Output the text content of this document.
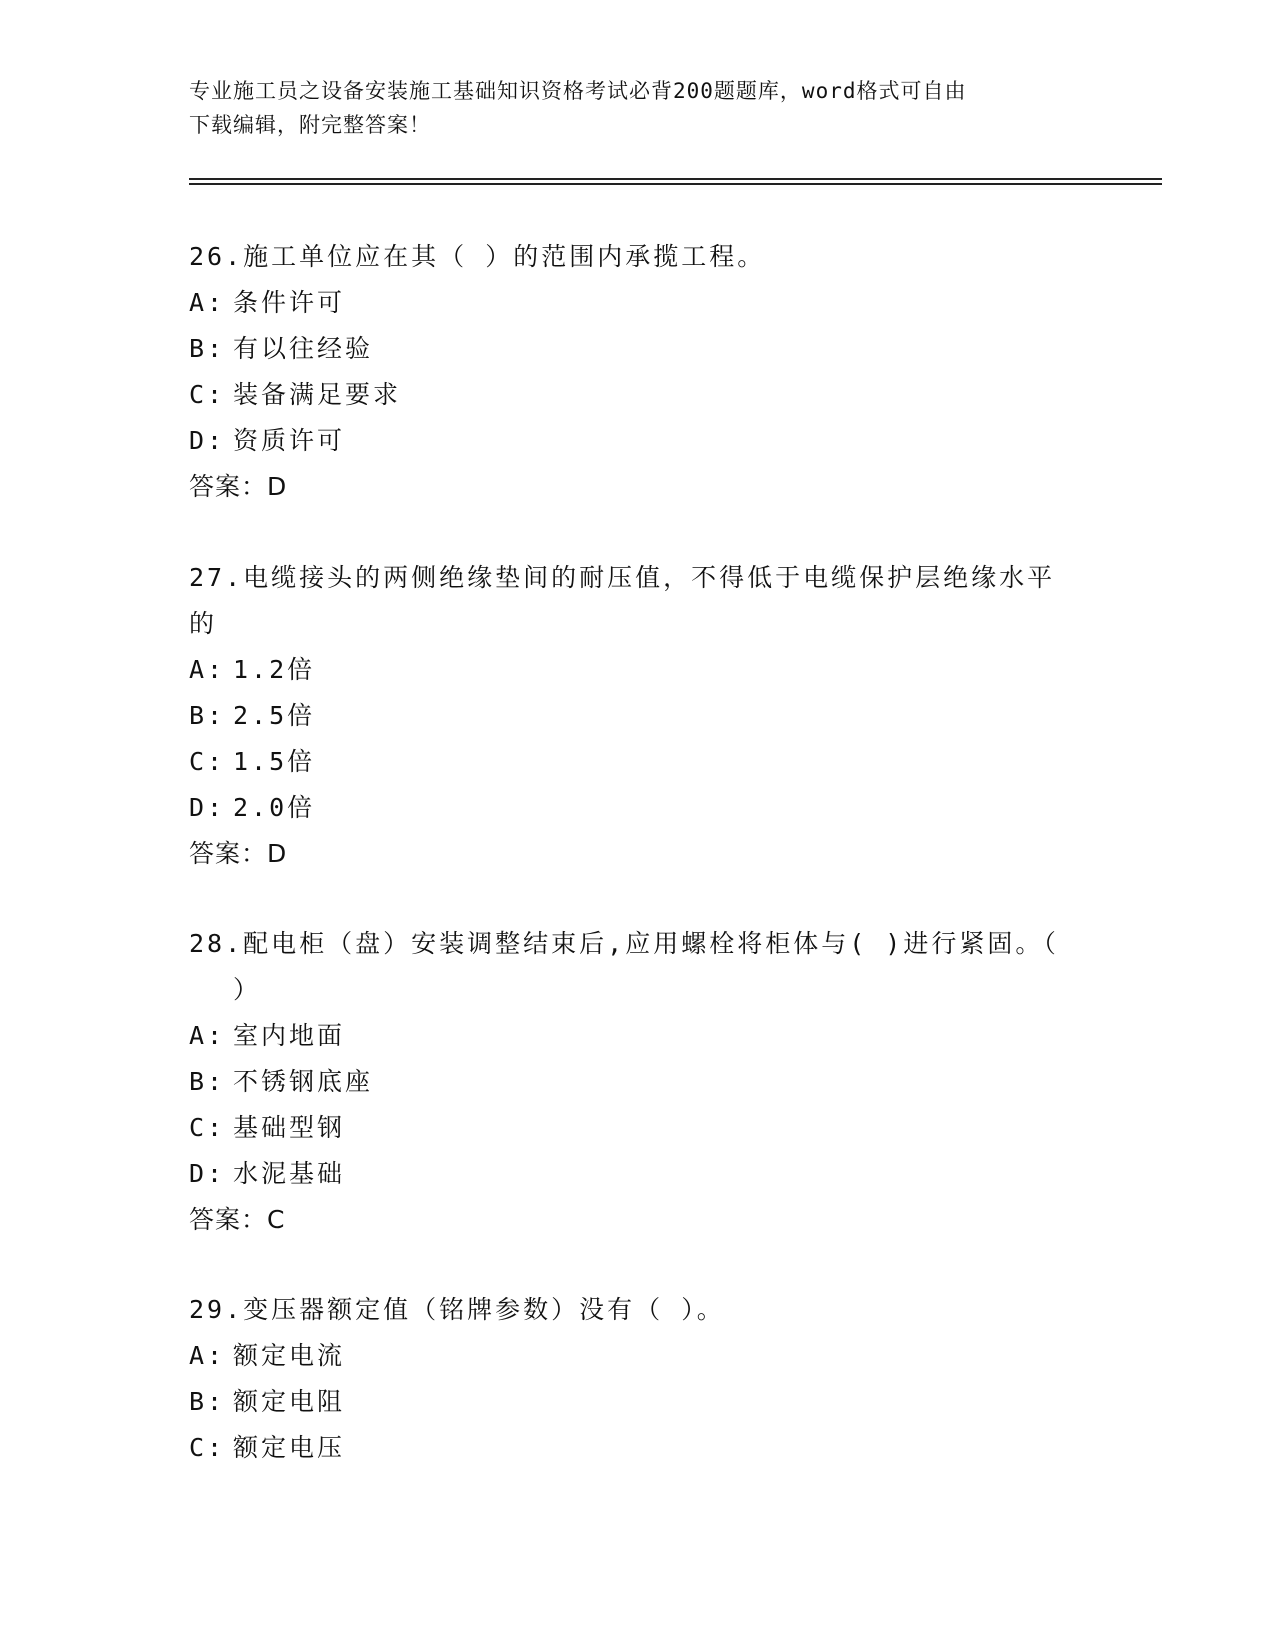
专业施工员之设备安装施工基础知识资格考试必背200题题库，word格式可自由
下载编辑，附完整答案！

26.施工单位应在其（ ）的范围内承揽工程。

A: 条件许可

B: 有以往经验

C: 装备满足要求

D: 资质许可

答案：D

27.电缆接头的两侧绝缘垫间的耐压值，不得低于电缆保护层绝缘水平

的

A: 1.2倍

B: 2.5倍

C: 1.5倍

D: 2.0倍

答案：D

28.配电柜（盘）安装调整结束后,应用螺栓将柜体与( )进行紧固。（

）

A: 室内地面

B: 不锈钢底座

C: 基础型钢

D: 水泥基础

答案：C

29.变压器额定值（铭牌参数）没有（ ）。

A: 额定电流

B: 额定电阻

C: 额定电压
